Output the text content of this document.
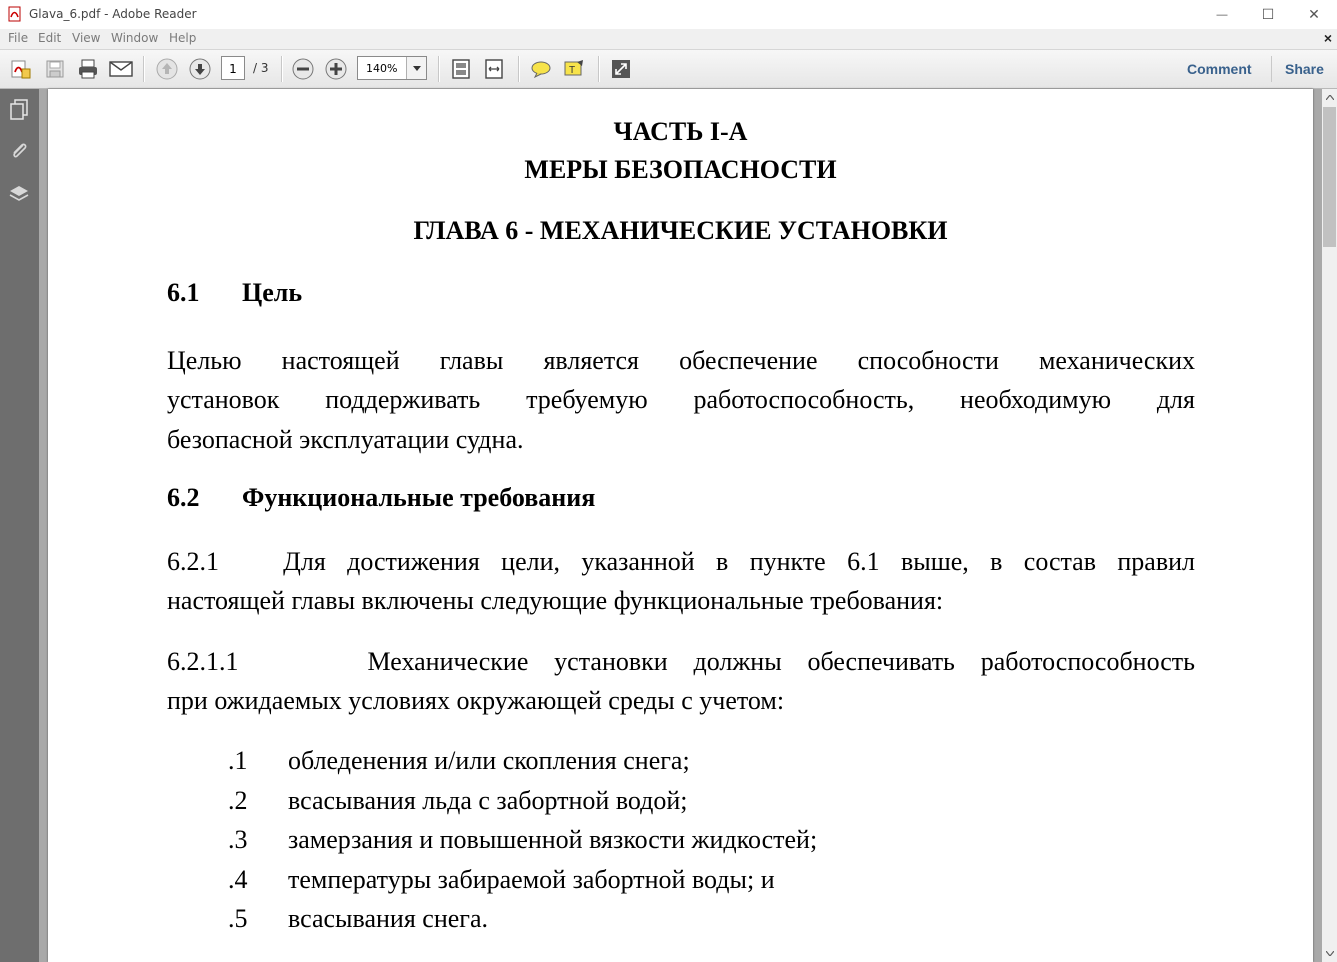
Glava_6.pdf - Adobe Reader	— ☐ ✕
File Edit View Window Help	×
1	/ 3	140%	T	Comment Share
ЧАСТЬ I-A
МЕРЫ БЕЗОПАСНОСТИ
ГЛАВА 6 - МЕХАНИЧЕСКИЕ УСТАНОВКИ
6.1 Цель
Целью настоящей главы является обеспечение способности механических
установок поддерживать требуемую работоспособность, необходимую для
безопасной эксплуатации судна.
6.2 Функциональные требования
6.2.1   Для достижения цели, указанной в пункте 6.1 выше, в состав правил
настоящей главы включены следующие функциональные требования:
6.2.1.1     Механические установки должны обеспечивать работоспособность
при ожидаемых условиях окружающей среды с учетом:
.1 обледенения и/или скопления снега;
.2 всасывания льда с забортной водой;
.3 замерзания и повышенной вязкости жидкостей;
.4 температуры забираемой забортной воды; и
.5 всасывания снега.
